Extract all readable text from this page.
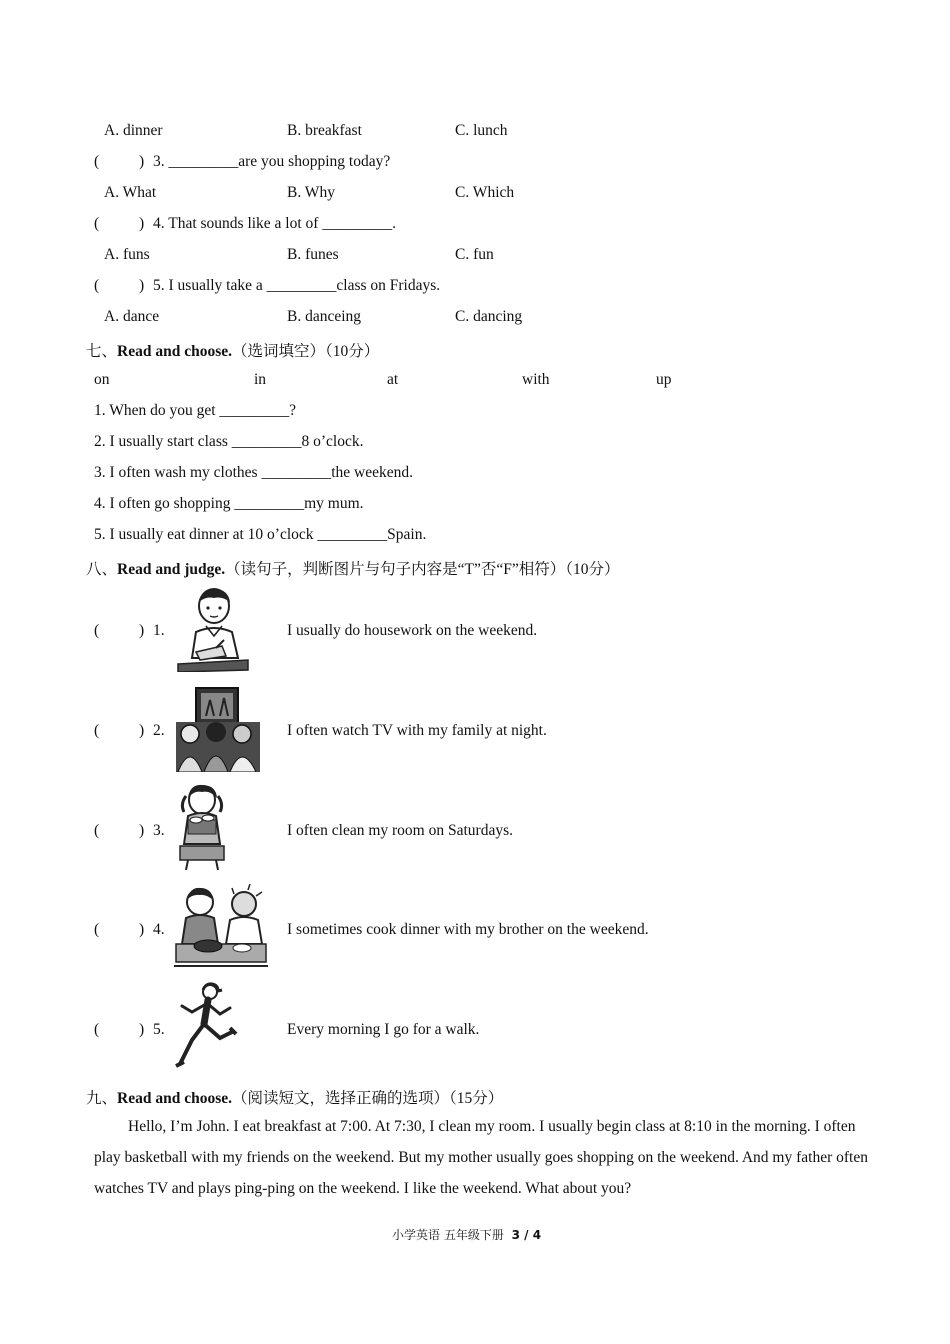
A. dinner	B. breakfast	C. lunch
(	) 3. _________are you shopping today?
A. What	B. Why	C. Which
(	) 4. That sounds like a lot of _________.
A. funs	B. funes	C. fun
(	) 5. I usually take a _________class on Fridays.
A. dance	B. danceing	C. dancing
七、Read and choose.（选词填空）（10分）
on	in	at	with	up
1. When do you get _________?
2. I usually start class _________8 o’clock.
3. I often wash my clothes _________the weekend.
4. I often go shopping _________my mum.
5. I usually eat dinner at 10 o’clock _________Spain.
八、Read and judge.（读句子，判断图片与句子内容是“T”否“F”相符）（10分）
(	) 1.	I usually do housework on the weekend.
(	) 2.	I often watch TV with my family at night.
(	) 3.	I often clean my room on Saturdays.
(	) 4.	I sometimes cook dinner with my brother on the weekend.
(	) 5.	Every morning I go for a walk.
九、Read and choose.（阅读短文，选择正确的选项）（15分）

Hello, I’m John. I eat breakfast at 7:00. At 7:30, I clean my room. I usually begin class at 8:10 in the morning. I often play basketball with my friends on the weekend. But my mother usually goes shopping on the weekend. And my father often watches TV and plays ping-ping on the weekend. I like the weekend. What about you?

小学英语 五年级下册 3 / 4
